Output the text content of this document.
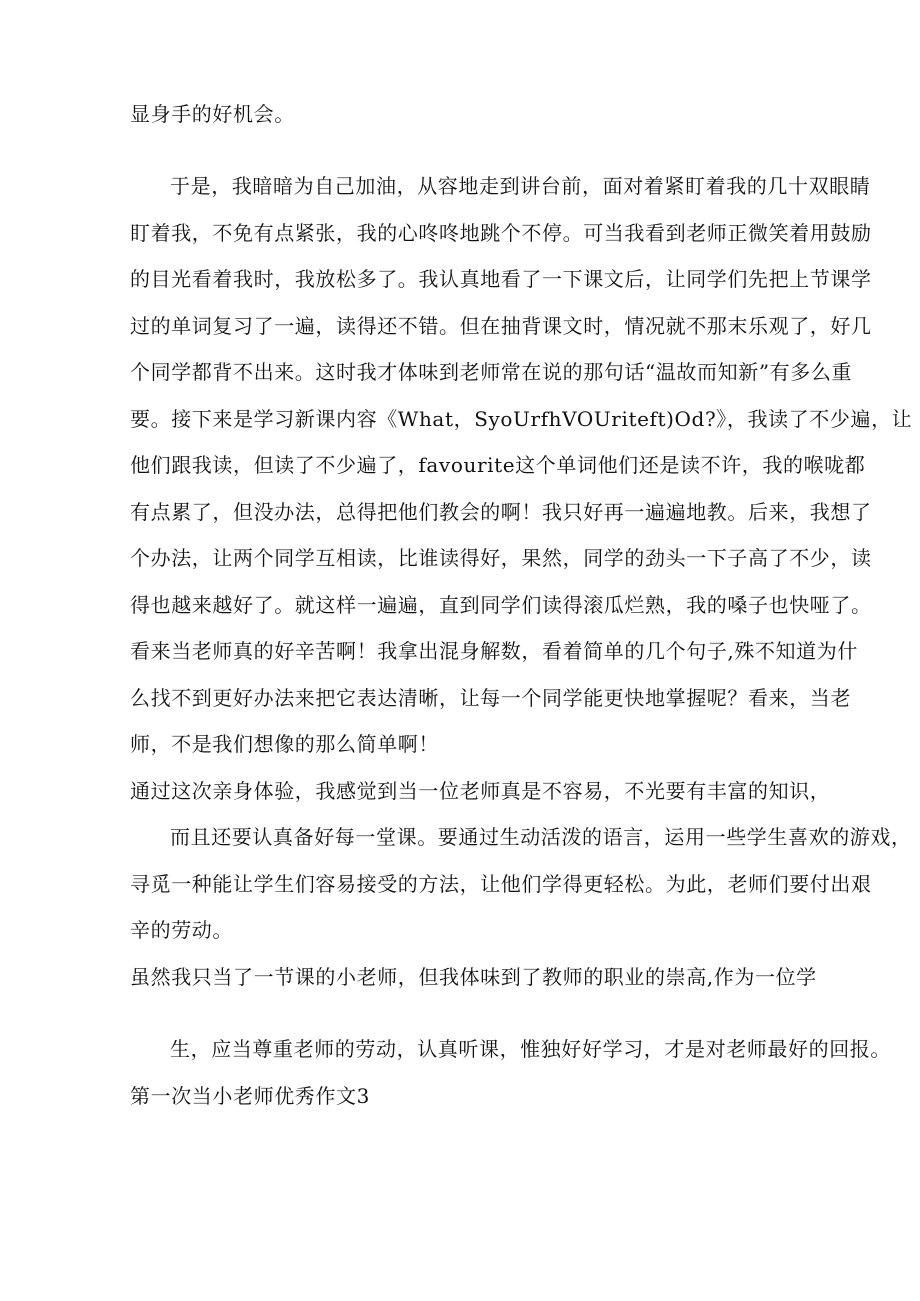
显身手的好机会。
于是，我暗暗为自己加油，从容地走到讲台前，面对着紧盯着我的几十双眼睛
盯着我，不免有点紧张，我的心咚咚地跳个不停。可当我看到老师正微笑着用鼓励
的目光看着我时，我放松多了。我认真地看了一下课文后，让同学们先把上节课学
过的单词复习了一遍，读得还不错。但在抽背课文时，情况就不那末乐观了，好几
个同学都背不出来。这时我才体味到老师常在说的那句话“温故而知新”有多么重
要。接下来是学习新课内容《What，SyoUrfhVOUriteft)Od?》，我读了不少遍，让
他们跟我读，但读了不少遍了，favourite这个单词他们还是读不许，我的喉咙都
有点累了，但没办法，总得把他们教会的啊！我只好再一遍遍地教。后来，我想了
个办法，让两个同学互相读，比谁读得好，果然，同学的劲头一下子高了不少，读
得也越来越好了。就这样一遍遍，直到同学们读得滚瓜烂熟，我的嗓子也快哑了。
看来当老师真的好辛苦啊！我拿出混身解数，看着简单的几个句子,殊不知道为什
么找不到更好办法来把它表达清晰，让每一个同学能更快地掌握呢？看来，当老
师，不是我们想像的那么简单啊！
通过这次亲身体验，我感觉到当一位老师真是不容易，不光要有丰富的知识，
而且还要认真备好每一堂课。要通过生动活泼的语言，运用一些学生喜欢的游戏，
寻觅一种能让学生们容易接受的方法，让他们学得更轻松。为此，老师们要付出艰
辛的劳动。
虽然我只当了一节课的小老师，但我体味到了教师的职业的崇高,作为一位学
生，应当尊重老师的劳动，认真听课，惟独好好学习，才是对老师最好的回报。
第一次当小老师优秀作文3
